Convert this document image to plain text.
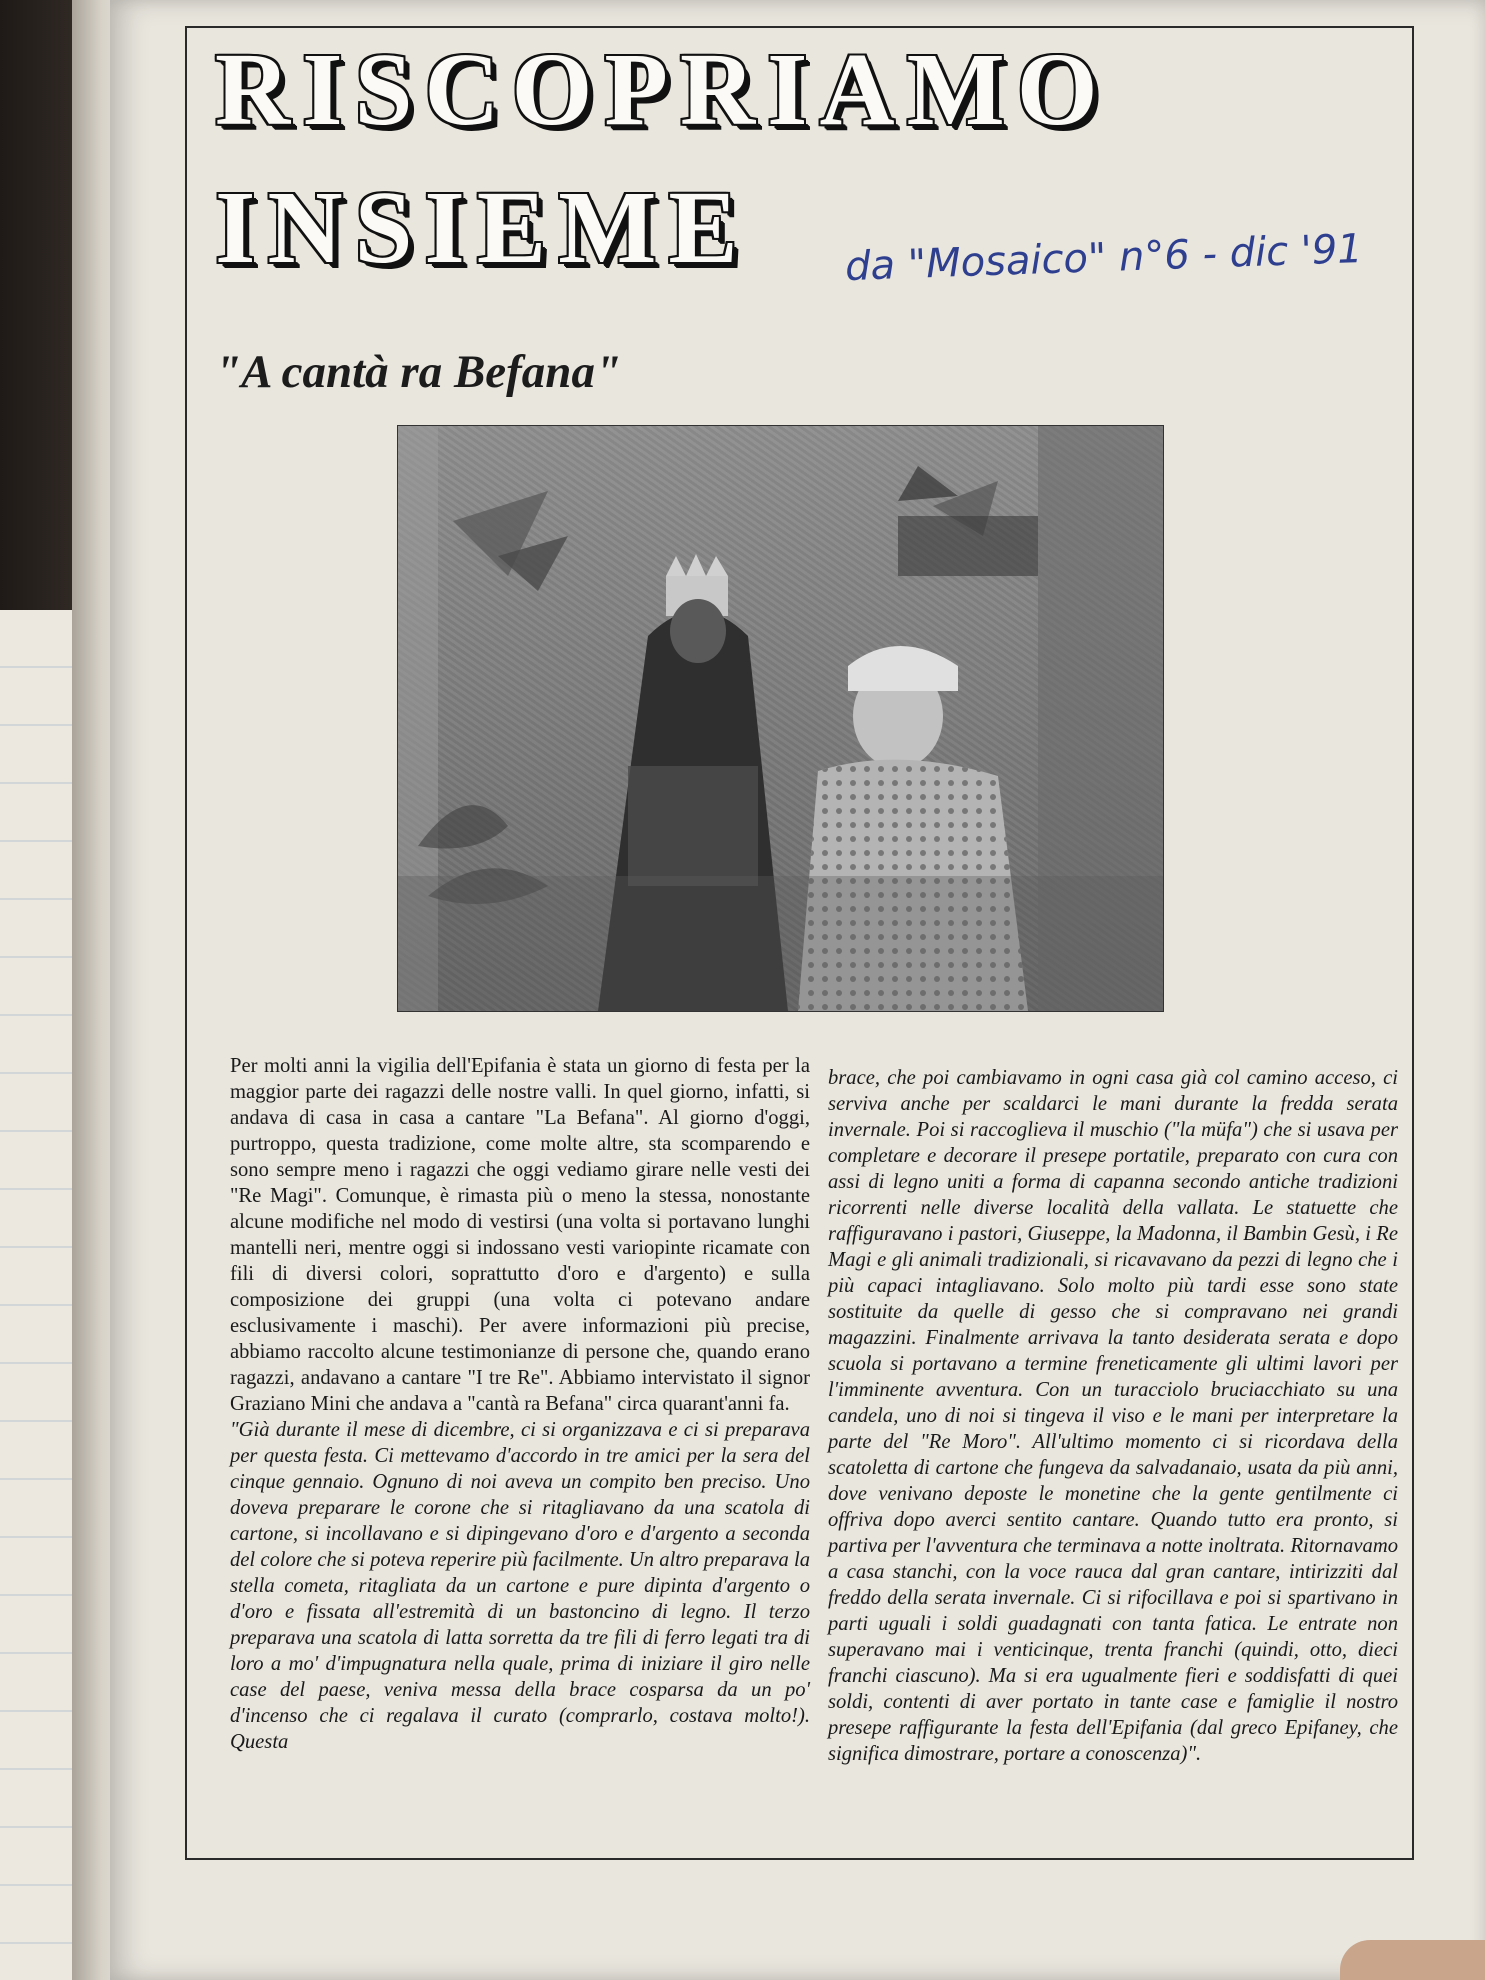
RISCOPRIAMO
INSIEME da "Mosaico" n°6 - dic '91
"A cantà ra Befana"

Per molti anni la vigilia dell'Epifania è stata un giorno di festa per la maggior parte dei ragazzi delle nostre valli. In quel giorno, infatti, si andava di casa in casa a cantare "La Befana". Al giorno d'oggi, purtroppo, questa tradizione, come molte altre, sta scomparendo e sono sempre meno i ragazzi che oggi vediamo girare nelle vesti dei "Re Magi". Comunque, è rimasta più o meno la stessa, nonostante alcune modifiche nel modo di vestirsi (una volta si portavano lunghi mantelli neri, mentre oggi si indossano vesti variopinte ricamate con fili di diversi colori, soprattutto d'oro e d'argento) e sulla composizione dei gruppi (una volta ci potevano andare esclusivamente i maschi). Per avere informazioni più precise, abbiamo raccolto alcune testimonianze di persone che, quando erano ragazzi, andavano a cantare "I tre Re". Abbiamo intervistato il signor Graziano Mini che andava a "cantà ra Befana" circa quarant'anni fa.

"Già durante il mese di dicembre, ci si organizzava e ci si preparava per questa festa. Ci mettevamo d'accordo in tre amici per la sera del cinque gennaio. Ognuno di noi aveva un compito ben preciso. Uno doveva preparare le corone che si ritagliavano da una scatola di cartone, si incollavano e si dipingevano d'oro e d'argento a seconda del colore che si poteva reperire più facilmente. Un altro preparava la stella cometa, ritagliata da un cartone e pure dipinta d'argento o d'oro e fissata all'estremità di un bastoncino di legno. Il terzo preparava una scatola di latta sorretta da tre fili di ferro legati tra di loro a mo' d'impugnatura nella quale, prima di iniziare il giro nelle case del paese, veniva messa della brace cosparsa da un po' d'incenso che ci regalava il curato (comprarlo, costava molto!). Questa

brace, che poi cambiavamo in ogni casa già col camino acceso, ci serviva anche per scaldarci le mani durante la fredda serata invernale. Poi si raccoglieva il muschio ("la müfa") che si usava per completare e decorare il presepe portatile, preparato con cura con assi di legno uniti a forma di capanna secondo antiche tradizioni ricorrenti nelle diverse località della vallata. Le statuette che raffiguravano i pastori, Giuseppe, la Madonna, il Bambin Gesù, i Re Magi e gli animali tradizionali, si ricavavano da pezzi di legno che i più capaci intagliavano. Solo molto più tardi esse sono state sostituite da quelle di gesso che si compravano nei grandi magazzini. Finalmente arrivava la tanto desiderata serata e dopo scuola si portavano a termine freneticamente gli ultimi lavori per l'imminente avventura. Con un turacciolo bruciacchiato su una candela, uno di noi si tingeva il viso e le mani per interpretare la parte del "Re Moro". All'ultimo momento ci si ricordava della scatoletta di cartone che fungeva da salvadanaio, usata da più anni, dove venivano deposte le monetine che la gente gentilmente ci offriva dopo averci sentito cantare. Quando tutto era pronto, si partiva per l'avventura che terminava a notte inoltrata. Ritornavamo a casa stanchi, con la voce rauca dal gran cantare, intirizziti dal freddo della serata invernale. Ci si rifocillava e poi si spartivano in parti uguali i soldi guadagnati con tanta fatica. Le entrate non superavano mai i venticinque, trenta franchi (quindi, otto, dieci franchi ciascuno). Ma si era ugualmente fieri e soddisfatti di quei soldi, contenti di aver portato in tante case e famiglie il nostro presepe raffigurante la festa dell'Epifania (dal greco Epifaney, che significa dimostrare, portare a conoscenza)".
